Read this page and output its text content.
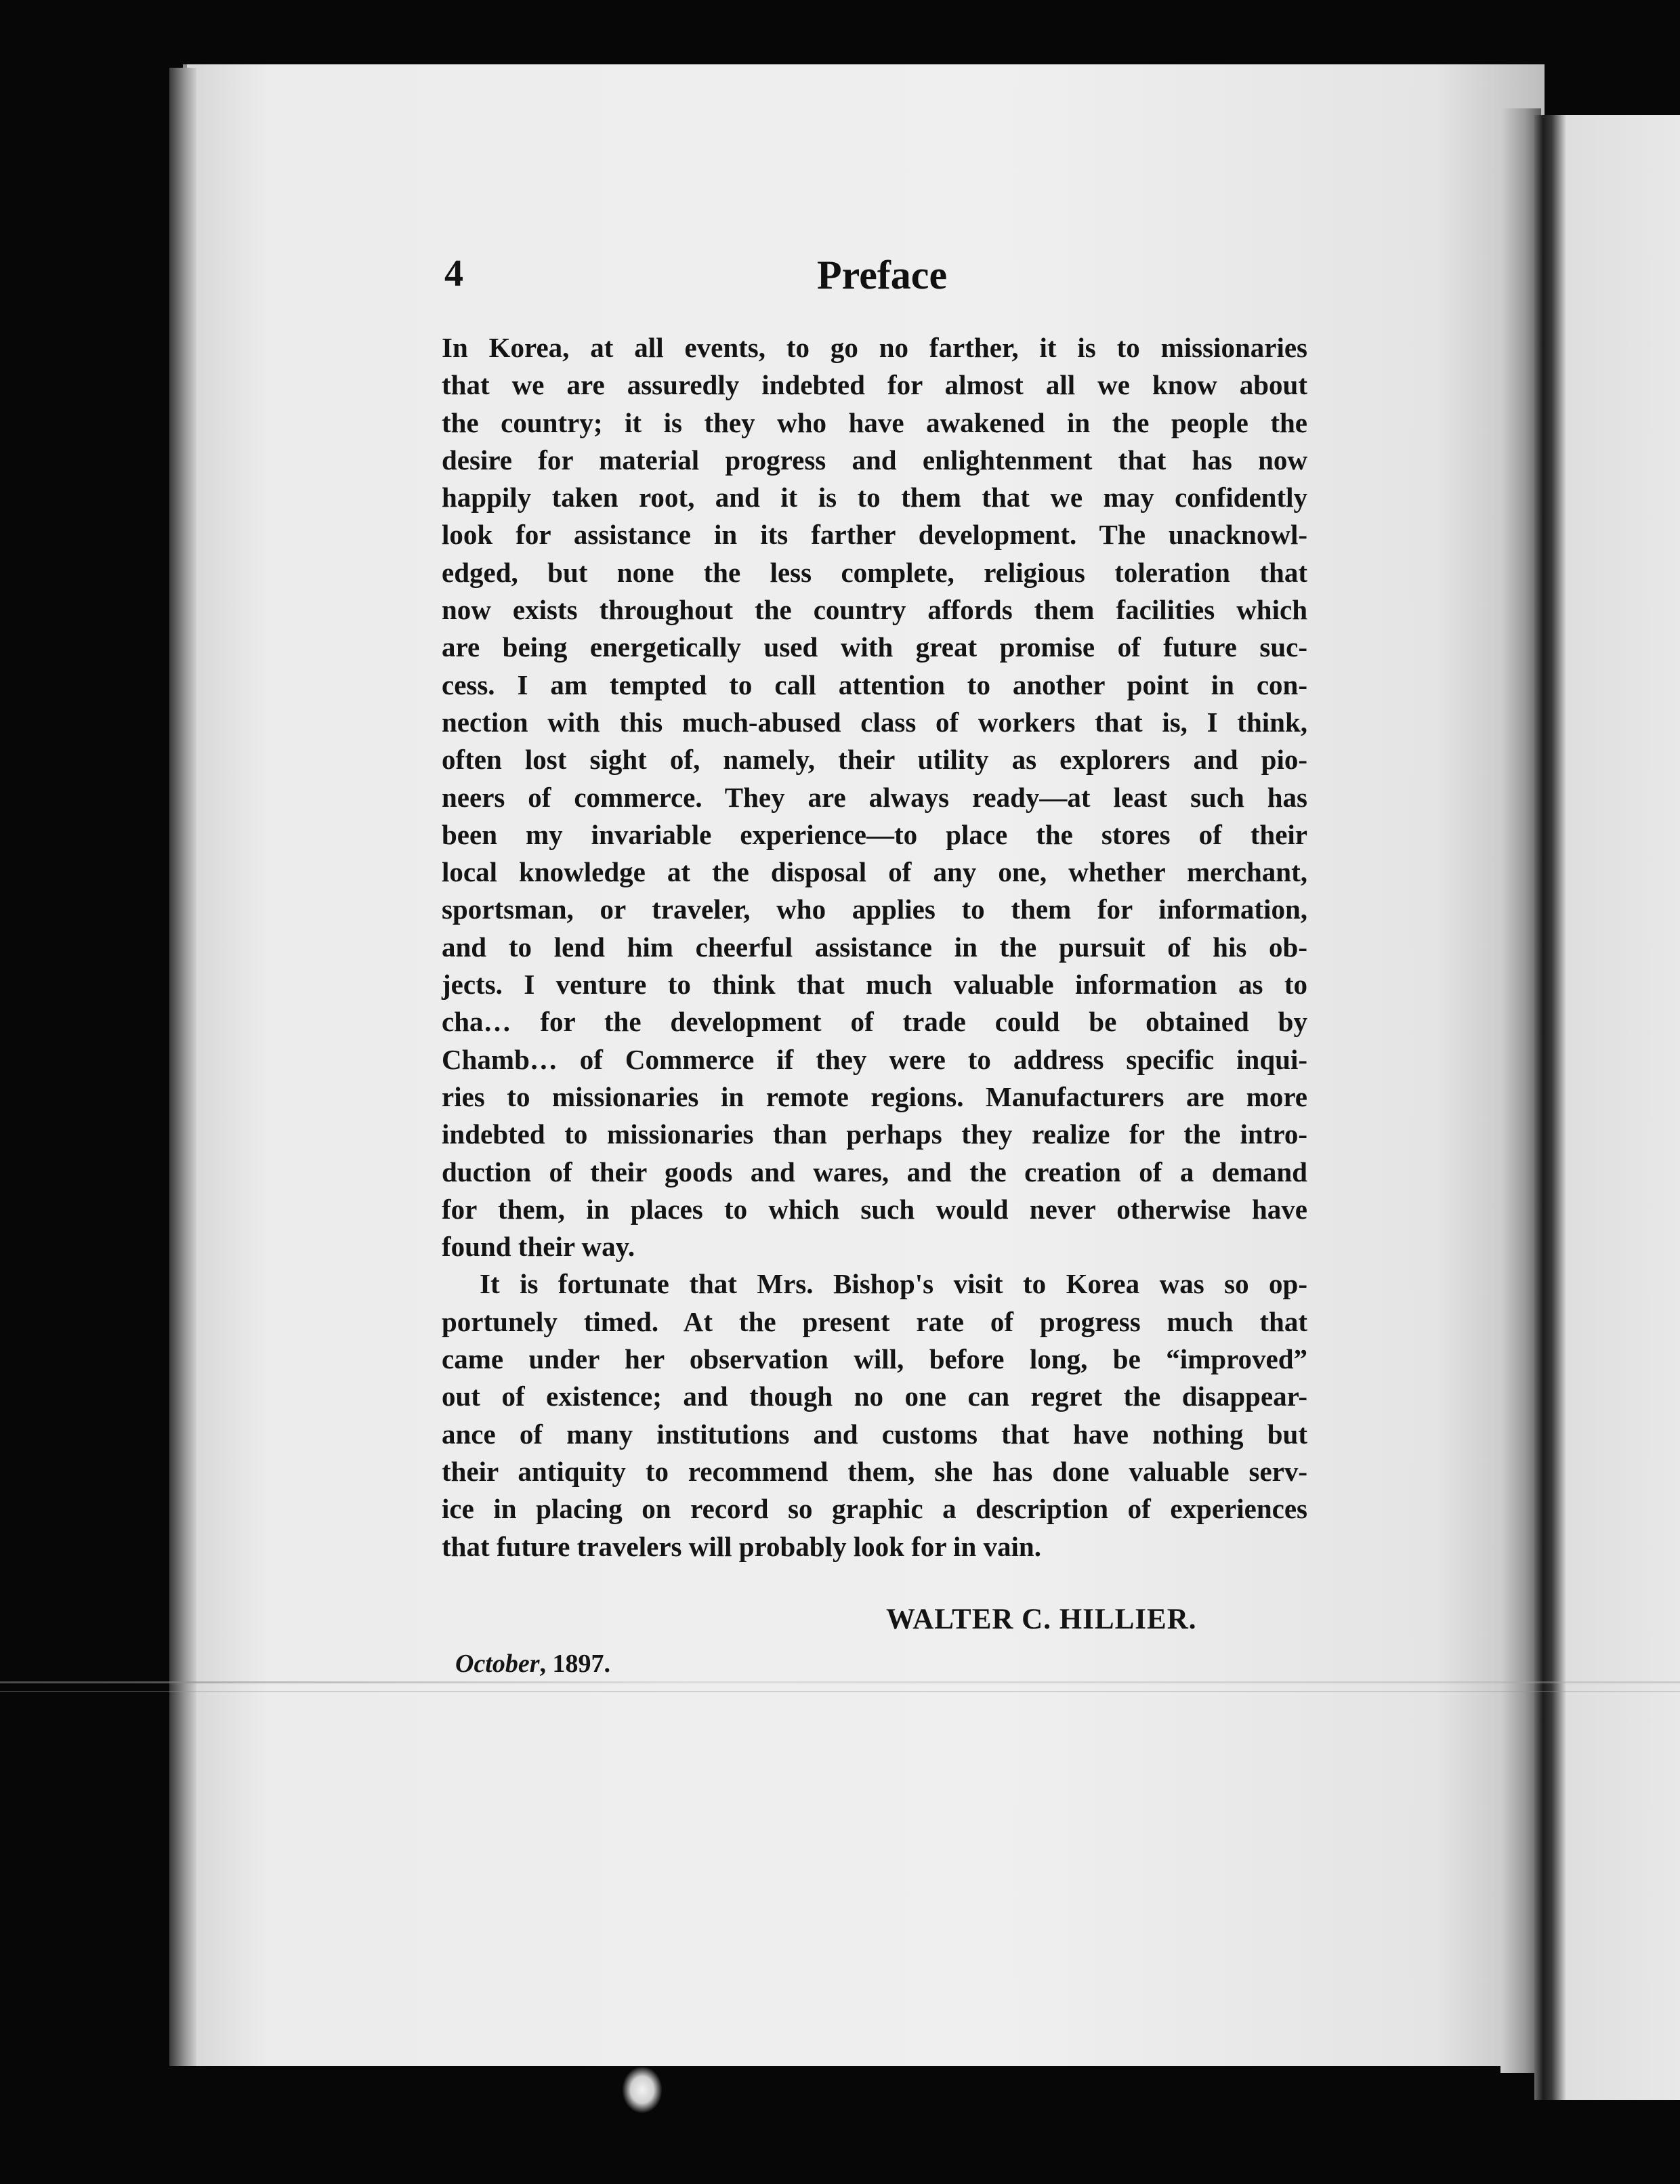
4	Preface
In Korea, at all events, to go no farther, it is to missionaries
that we are assuredly indebted for almost all we know about
the country; it is they who have awakened in the people the
desire for material progress and enlightenment that has now
happily taken root, and it is to them that we may confidently
look for assistance in its farther development. The unacknowl-
edged, but none the less complete, religious toleration that
now exists throughout the country affords them facilities which
are being energetically used with great promise of future suc-
cess. I am tempted to call attention to another point in con-
nection with this much-abused class of workers that is, I think,
often lost sight of, namely, their utility as explorers and pio-
neers of commerce. They are always ready—at least such has
been my invariable experience—to place the stores of their
local knowledge at the disposal of any one, whether merchant,
sportsman, or traveler, who applies to them for information,
and to lend him cheerful assistance in the pursuit of his ob-
jects. I venture to think that much valuable information as to
cha… for the development of trade could be obtained by
Chamb… of Commerce if they were to address specific inqui-
ries to missionaries in remote regions. Manufacturers are more
indebted to missionaries than perhaps they realize for the intro-
duction of their goods and wares, and the creation of a demand
for them, in places to which such would never otherwise have
found their way.
It is fortunate that Mrs. Bishop's visit to Korea was so op-
portunely timed. At the present rate of progress much that
came under her observation will, before long, be “improved”
out of existence; and though no one can regret the disappear-
ance of many institutions and customs that have nothing but
their antiquity to recommend them, she has done valuable serv-
ice in placing on record so graphic a description of experiences
that future travelers will probably look for in vain.
WALTER C. HILLIER.
October, 1897.
